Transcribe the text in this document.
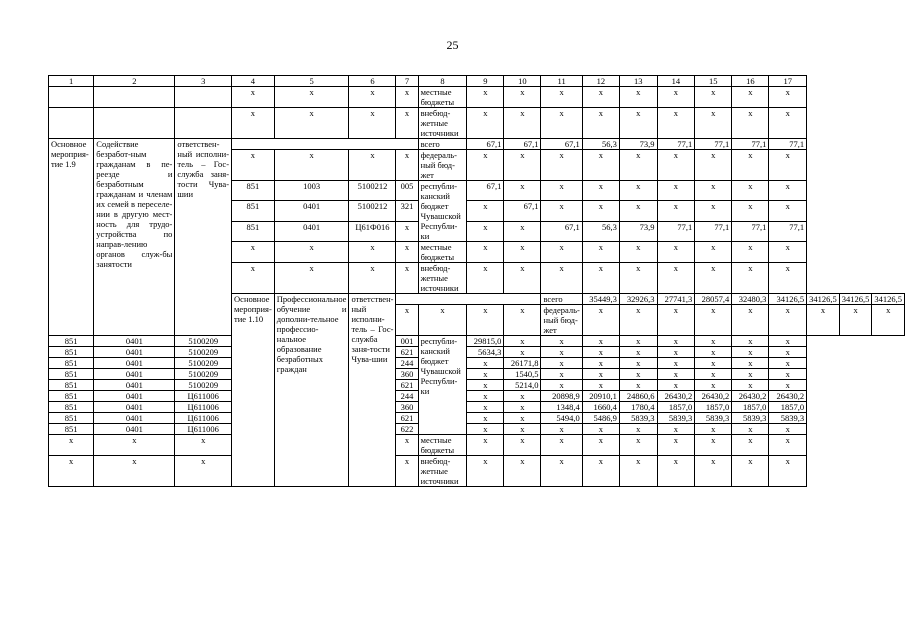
25
1	2	3	4	5	6	7	8	9	10	11	12	13	14	15	16	17			
			x	x	x	x	местные бюджеты	x	x	x	x	x	x	x	x	x			
			x	x	x	x	внебюд-жетные источники	x	x	x	x	x	x	x	x	x			
Основное мероприя-тие 1.9	Содействие безработ-ным гражданам в пе-реезде и безработным гражданам и членам их семей в переселе-нии в другую мест-ность для трудо-устройства по направ-лению органов служ-бы занятости	ответствен-ный исполни-тель – Гос-служба заня-тости Чува-шии					всего	67,1	67,1	67,1	56,3	73,9	77,1	77,1	77,1	77,1			
			x	x	x	x	федераль-ный бюд-жет	x	x	x	x	x	x	x	x	x			
			851	1003	5100212	005	республи-канский бюджет Чувашской Республи-ки	67,1	x	x	x	x	x	x	x	x			
			851	0401	5100212	321		x	67,1	x	x	x	x	x	x	x			
			851	0401	Ц61Ф016	x		x	x	67,1	56,3	73,9	77,1	77,1	77,1	77,1			
			x	x	x	x	местные бюджеты	x	x	x	x	x	x	x	x	x			
			x	x	x	x	внебюд-жетные источники	x	x	x	x	x	x	x	x	x			
			Основное мероприя-тие 1.10	Профессиональное обучение и дополни-тельное профессио-нальное образование безработных граждан	ответствен-ный исполни-тель – Гос-служба заня-тости Чува-шии					всего	35449,3	32926,3	27741,3	28057,4	32480,3	34126,5	34126,5	34126,5	34126,5
						x	x	x	x	федераль-ный бюд-жет	x	x	x	x	x	x	x	x	x
851	0401	5100209				001	республи-канский бюджет Чувашской Республи-ки	29815,0	x	x	x	x	x	x	x	x			
851	0401	5100209				621		5634,3	x	x	x	x	x	x	x	x			
851	0401	5100209				244		x	26171,8	x	x	x	x	x	x	x			
851	0401	5100209				360		x	1540,5	x	x	x	x	x	x	x			
851	0401	5100209				621		x	5214,0	x	x	x	x	x	x	x			
851	0401	Ц611006				244		x	x	20898,9	20910,1	24860,6	26430,2	26430,2	26430,2	26430,2			
851	0401	Ц611006				360		x	x	1348,4	1660,4	1780,4	1857,0	1857,0	1857,0	1857,0			
851	0401	Ц611006				621		x	x	5494,0	5486,9	5839,3	5839,3	5839,3	5839,3	5839,3			
851	0401	Ц611006				622		x	x	x	x	x	x	x	x	x			
x	x	x				x	местные бюджеты	x	x	x	x	x	x	x	x	x			
x	x	x				x	внебюд-жетные источники	x	x	x	x	x	x	x	x	x			
